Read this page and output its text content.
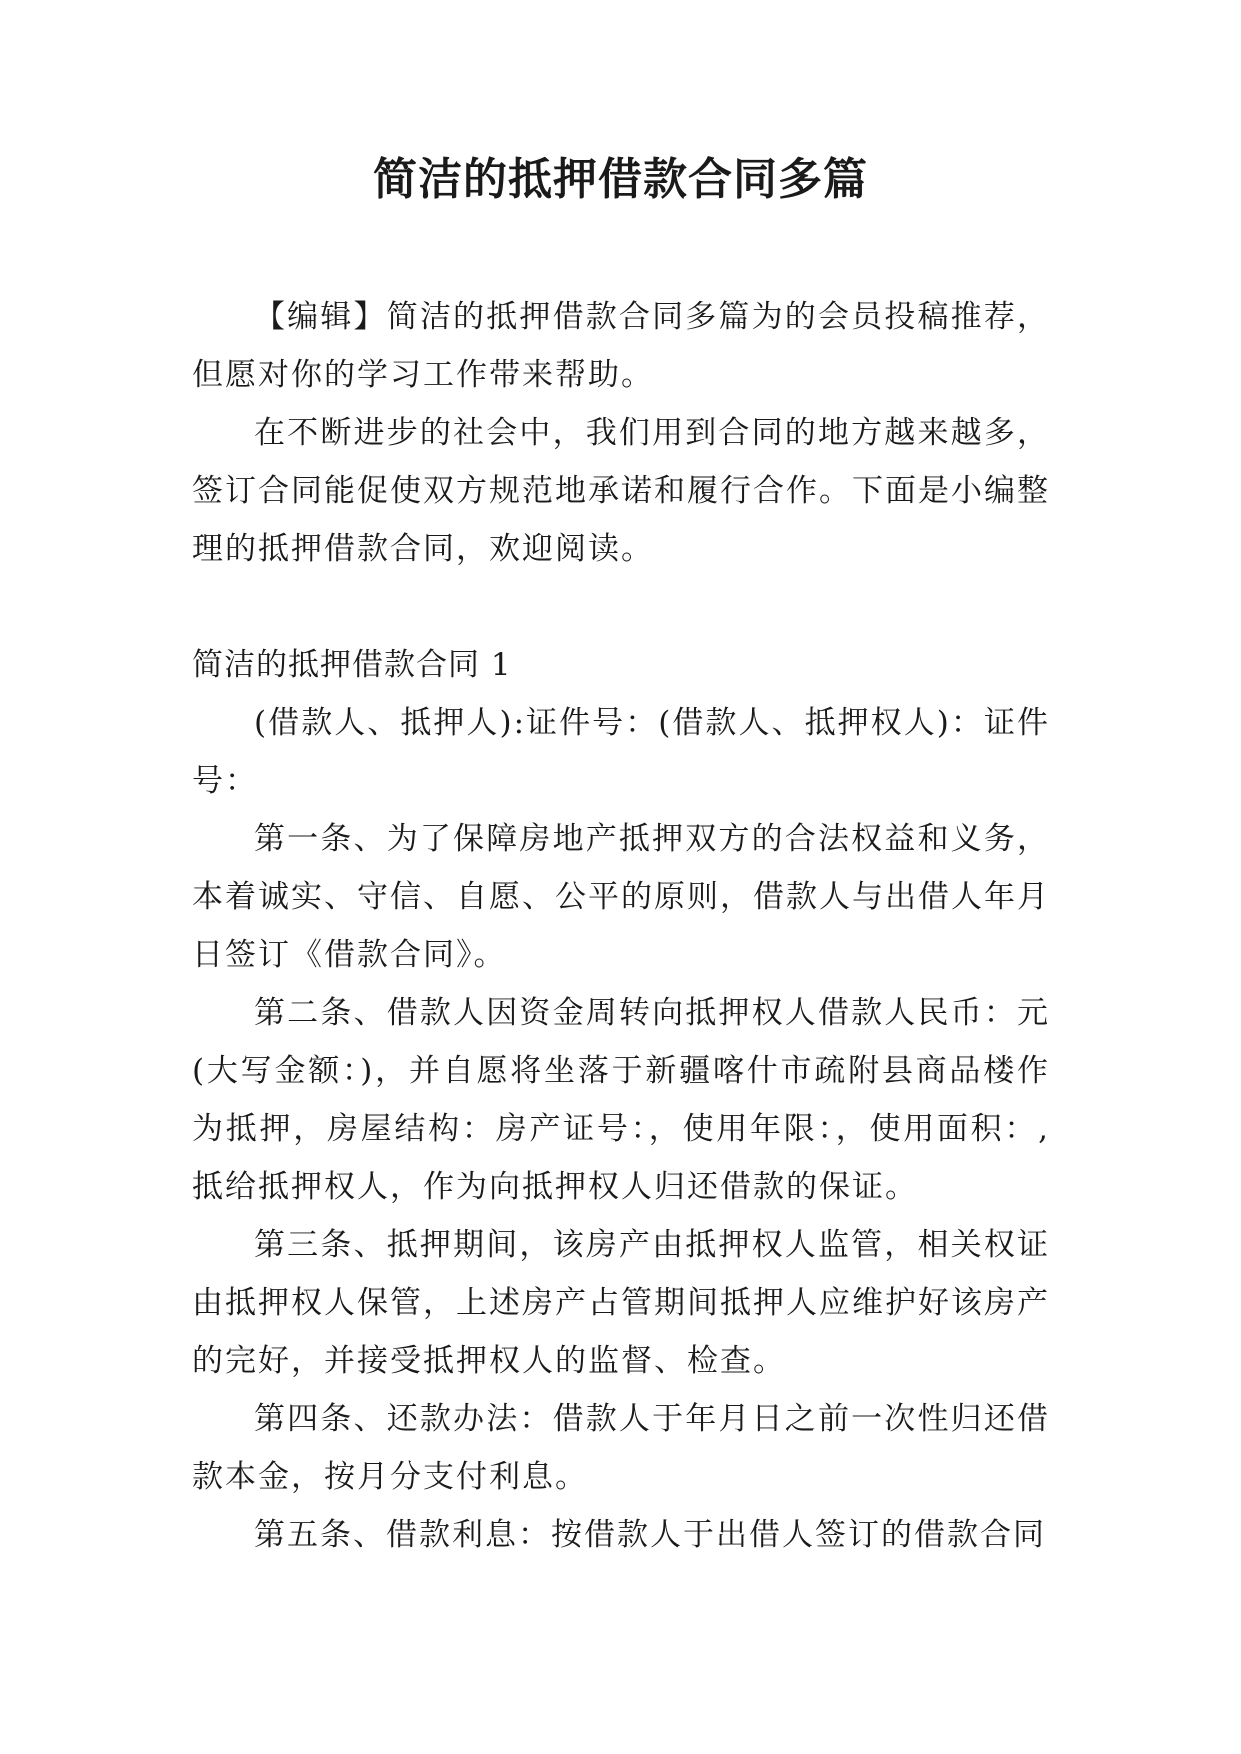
简洁的抵押借款合同多篇

【编辑】简洁的抵押借款合同多篇为的会员投稿推荐，但愿对你的学习工作带来帮助。

在不断进步的社会中，我们用到合同的地方越来越多，签订合同能促使双方规范地承诺和履行合作。下面是小编整理的抵押借款合同，欢迎阅读。

简洁的抵押借款合同 1

(借款人、抵押人):证件号：(借款人、抵押权人)：证件号：

第一条、为了保障房地产抵押双方的合法权益和义务，本着诚实、守信、自愿、公平的原则，借款人与出借人年月日签订《借款合同》。

第二条、借款人因资金周转向抵押权人借款人民币：元(大写金额：)，并自愿将坐落于新疆喀什市疏附县商品楼作为抵押，房屋结构：房产证号：，使用年限：，使用面积：,抵给抵押权人，作为向抵押权人归还借款的保证。

第三条、抵押期间，该房产由抵押权人监管，相关权证由抵押权人保管，上述房产占管期间抵押人应维护好该房产的完好，并接受抵押权人的监督、检查。

第四条、还款办法：借款人于年月日之前一次性归还借款本金，按月分支付利息。

第五条、借款利息：按借款人于出借人签订的借款合同
